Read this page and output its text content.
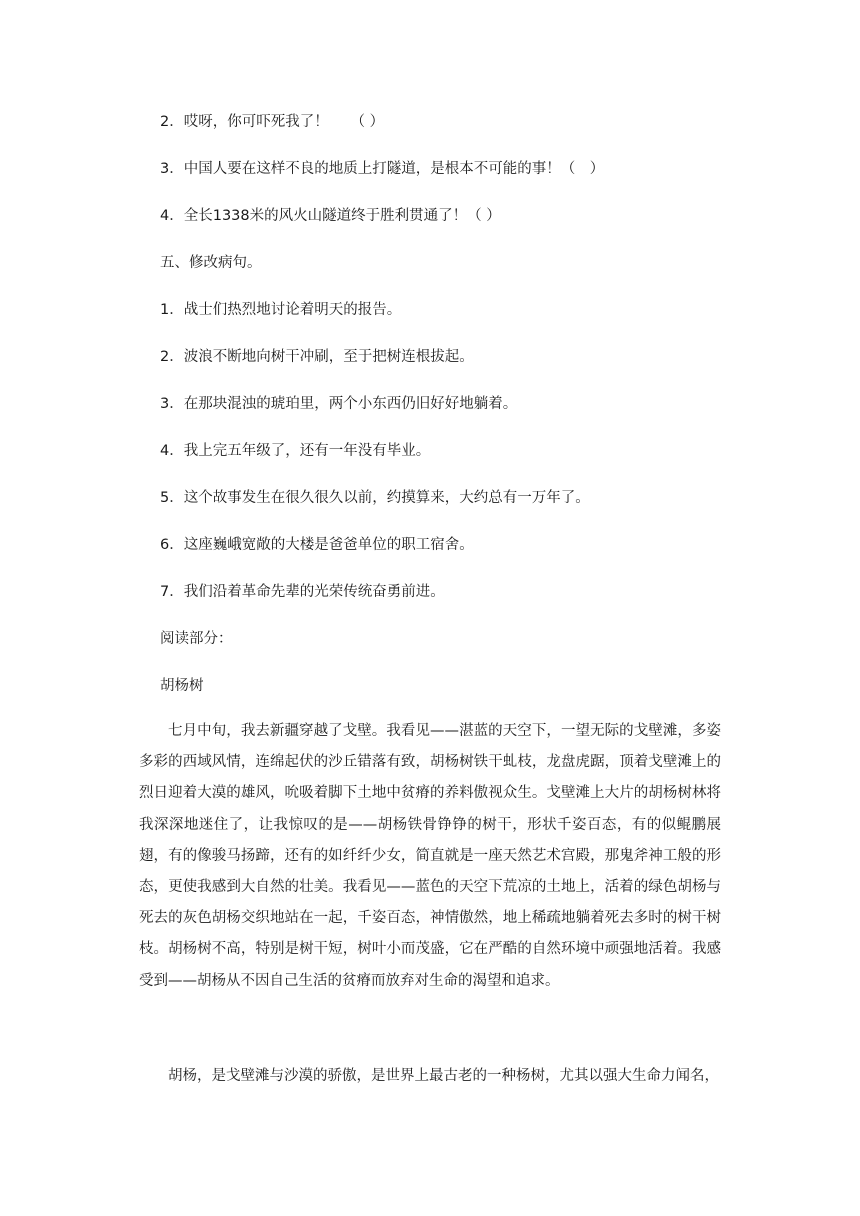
2．哎呀，你可吓死我了！　　（ ）
3．中国人要在这样不良的地质上打隧道，是根本不可能的事！（　）
4．全长1338米的风火山隧道终于胜利贯通了！（ ）
五、修改病句。
1．战士们热烈地讨论着明天的报告。
2．波浪不断地向树干冲刷，至于把树连根拔起。
3．在那块混浊的琥珀里，两个小东西仍旧好好地躺着。
4．我上完五年级了，还有一年没有毕业。
5．这个故事发生在很久很久以前，约摸算来，大约总有一万年了。
6．这座巍峨宽敞的大楼是爸爸单位的职工宿舍。
7．我们沿着革命先辈的光荣传统奋勇前进。
阅读部分：
胡杨树
七月中旬，我去新疆穿越了戈壁。我看见——湛蓝的天空下，一望无际的戈壁滩，多姿多彩的西域风情，连绵起伏的沙丘错落有致，胡杨树铁干虬枝，龙盘虎踞，顶着戈壁滩上的烈日迎着大漠的雄风，吮吸着脚下土地中贫瘠的养料傲视众生。戈壁滩上大片的胡杨树林将我深深地迷住了，让我惊叹的是——胡杨铁骨铮铮的树干，形状千姿百态，有的似鲲鹏展翅，有的像骏马扬蹄，还有的如纤纤少女，简直就是一座天然艺术宫殿，那鬼斧神工般的形态，更使我感到大自然的壮美。我看见——蓝色的天空下荒凉的土地上，活着的绿色胡杨与死去的灰色胡杨交织地站在一起，千姿百态，神情傲然，地上稀疏地躺着死去多时的树干树枝。胡杨树不高，特别是树干短，树叶小而茂盛，它在严酷的自然环境中顽强地活着。我感受到——胡杨从不因自己生活的贫瘠而放弃对生命的渴望和追求。
胡杨，是戈壁滩与沙漠的骄傲，是世界上最古老的一种杨树，尤其以强大生命力闻名，
